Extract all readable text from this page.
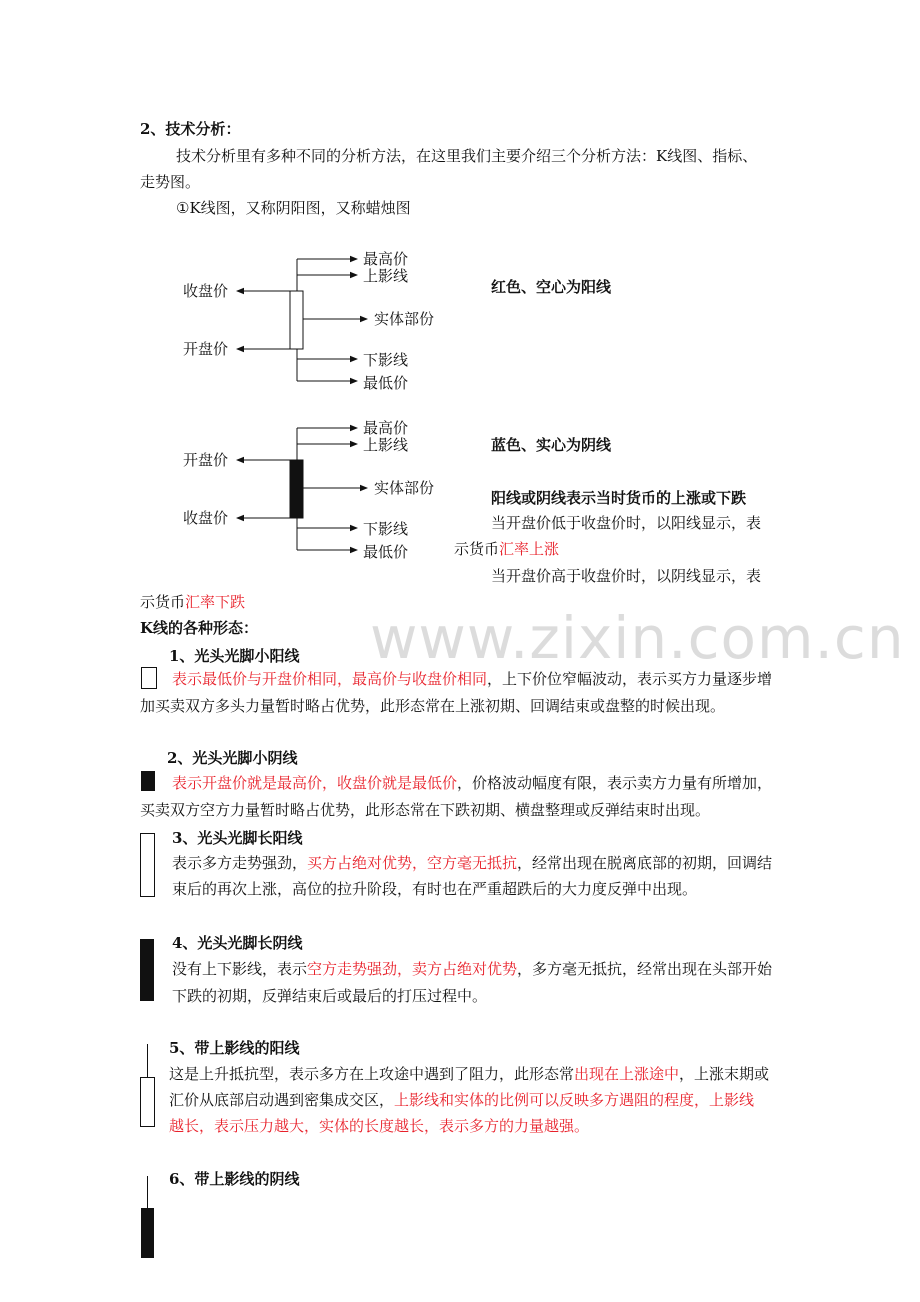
2、技术分析：
技术分析里有多种不同的分析方法，在这里我们主要介绍三个分析方法：K线图、指标、
走势图。
①K线图，又称阴阳图，又称蜡烛图
最高价
上影线
收盘价
实体部份
开盘价
下影线
最低价
最高价
上影线
开盘价
实体部份
收盘价
下影线
最低价
红色、空心为阳线
蓝色、实心为阴线
阳线或阴线表示当时货币的上涨或下跌
当开盘价低于收盘价时，以阳线显示，表
示货币汇率上涨
当开盘价高于收盘价时，以阴线显示，表
示货币汇率下跌
www.zixin.com.cn
K线的各种形态：
1、光头光脚小阳线
表示最低价与开盘价相同，最高价与收盘价相同，上下价位窄幅波动，表示买方力量逐步增
加买卖双方多头力量暂时略占优势，此形态常在上涨初期、回调结束或盘整的时候出现。
2、光头光脚小阴线
表示开盘价就是最高价，收盘价就是最低价，价格波动幅度有限，表示卖方力量有所增加，
买卖双方空方力量暂时略占优势，此形态常在下跌初期、横盘整理或反弹结束时出现。
3、光头光脚长阳线
表示多方走势强劲，买方占绝对优势，空方毫无抵抗，经常出现在脱离底部的初期，回调结
束后的再次上涨，高位的拉升阶段，有时也在严重超跌后的大力度反弹中出现。
4、光头光脚长阴线
没有上下影线，表示空方走势强劲，卖方占绝对优势，多方毫无抵抗，经常出现在头部开始
下跌的初期，反弹结束后或最后的打压过程中。
5、带上影线的阳线
这是上升抵抗型，表示多方在上攻途中遇到了阻力，此形态常出现在上涨途中，上涨末期或
汇价从底部启动遇到密集成交区，上影线和实体的比例可以反映多方遇阻的程度，上影线
越长，表示压力越大，实体的长度越长，表示多方的力量越强。
6、带上影线的阴线
